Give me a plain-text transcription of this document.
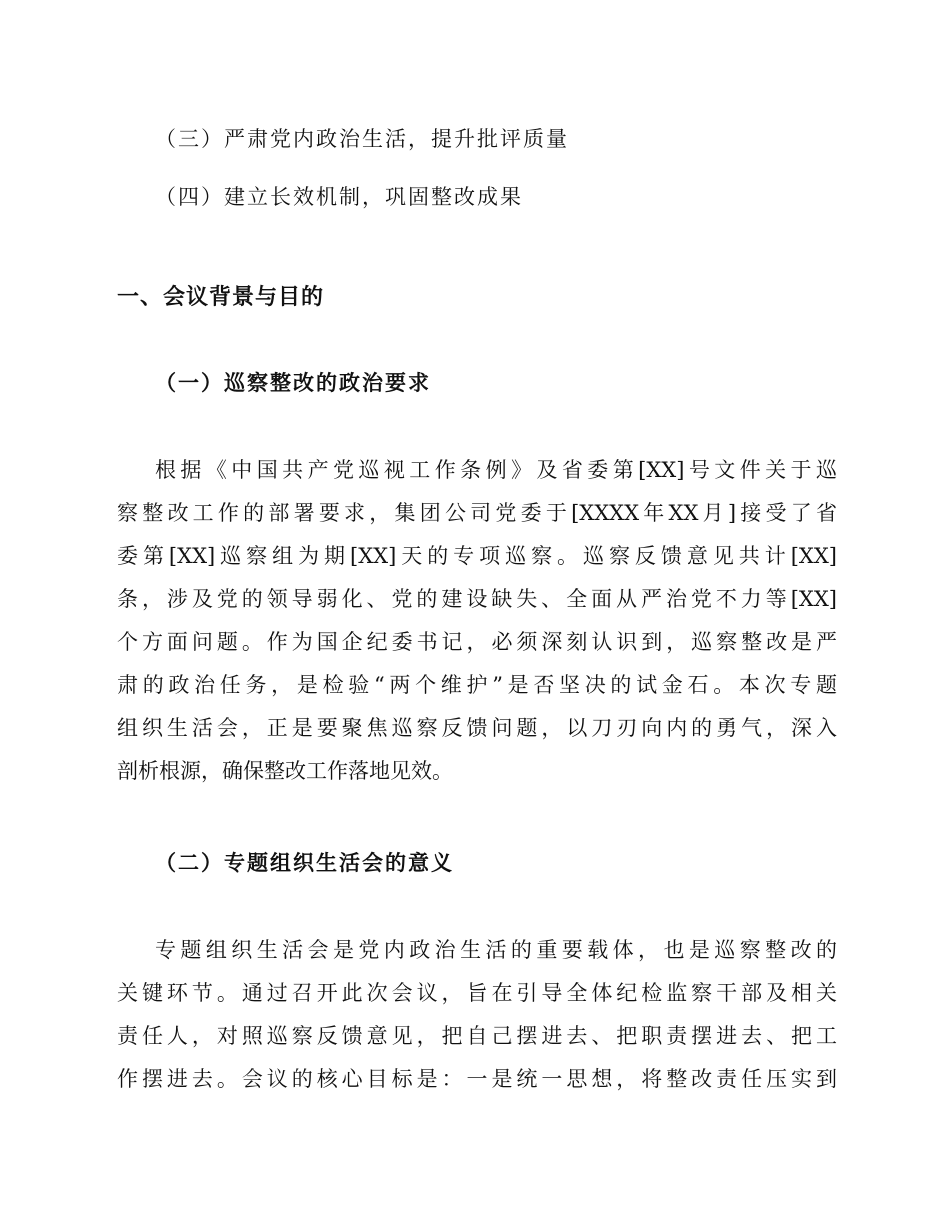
（三）严肃党内政治生活，提升批评质量
（四）建立长效机制，巩固整改成果
一、会议背景与目的
（一）巡察整改的政治要求
根据《中国共产党巡视工作条例》及省委第[XX]号文件关于巡
察整改工作的部署要求，集团公司党委于[XXXX年XX月]接受了省
委第[XX]巡察组为期[XX]天的专项巡察。巡察反馈意见共计[XX]
条，涉及党的领导弱化、党的建设缺失、全面从严治党不力等[XX]
个方面问题。作为国企纪委书记，必须深刻认识到，巡察整改是严
肃的政治任务，是检验“两个维护”是否坚决的试金石。本次专题
组织生活会，正是要聚焦巡察反馈问题，以刀刃向内的勇气，深入
剖析根源，确保整改工作落地见效。
（二）专题组织生活会的意义
专题组织生活会是党内政治生活的重要载体，也是巡察整改的
关键环节。通过召开此次会议，旨在引导全体纪检监察干部及相关
责任人，对照巡察反馈意见，把自己摆进去、把职责摆进去、把工
作摆进去。会议的核心目标是：一是统一思想，将整改责任压实到
